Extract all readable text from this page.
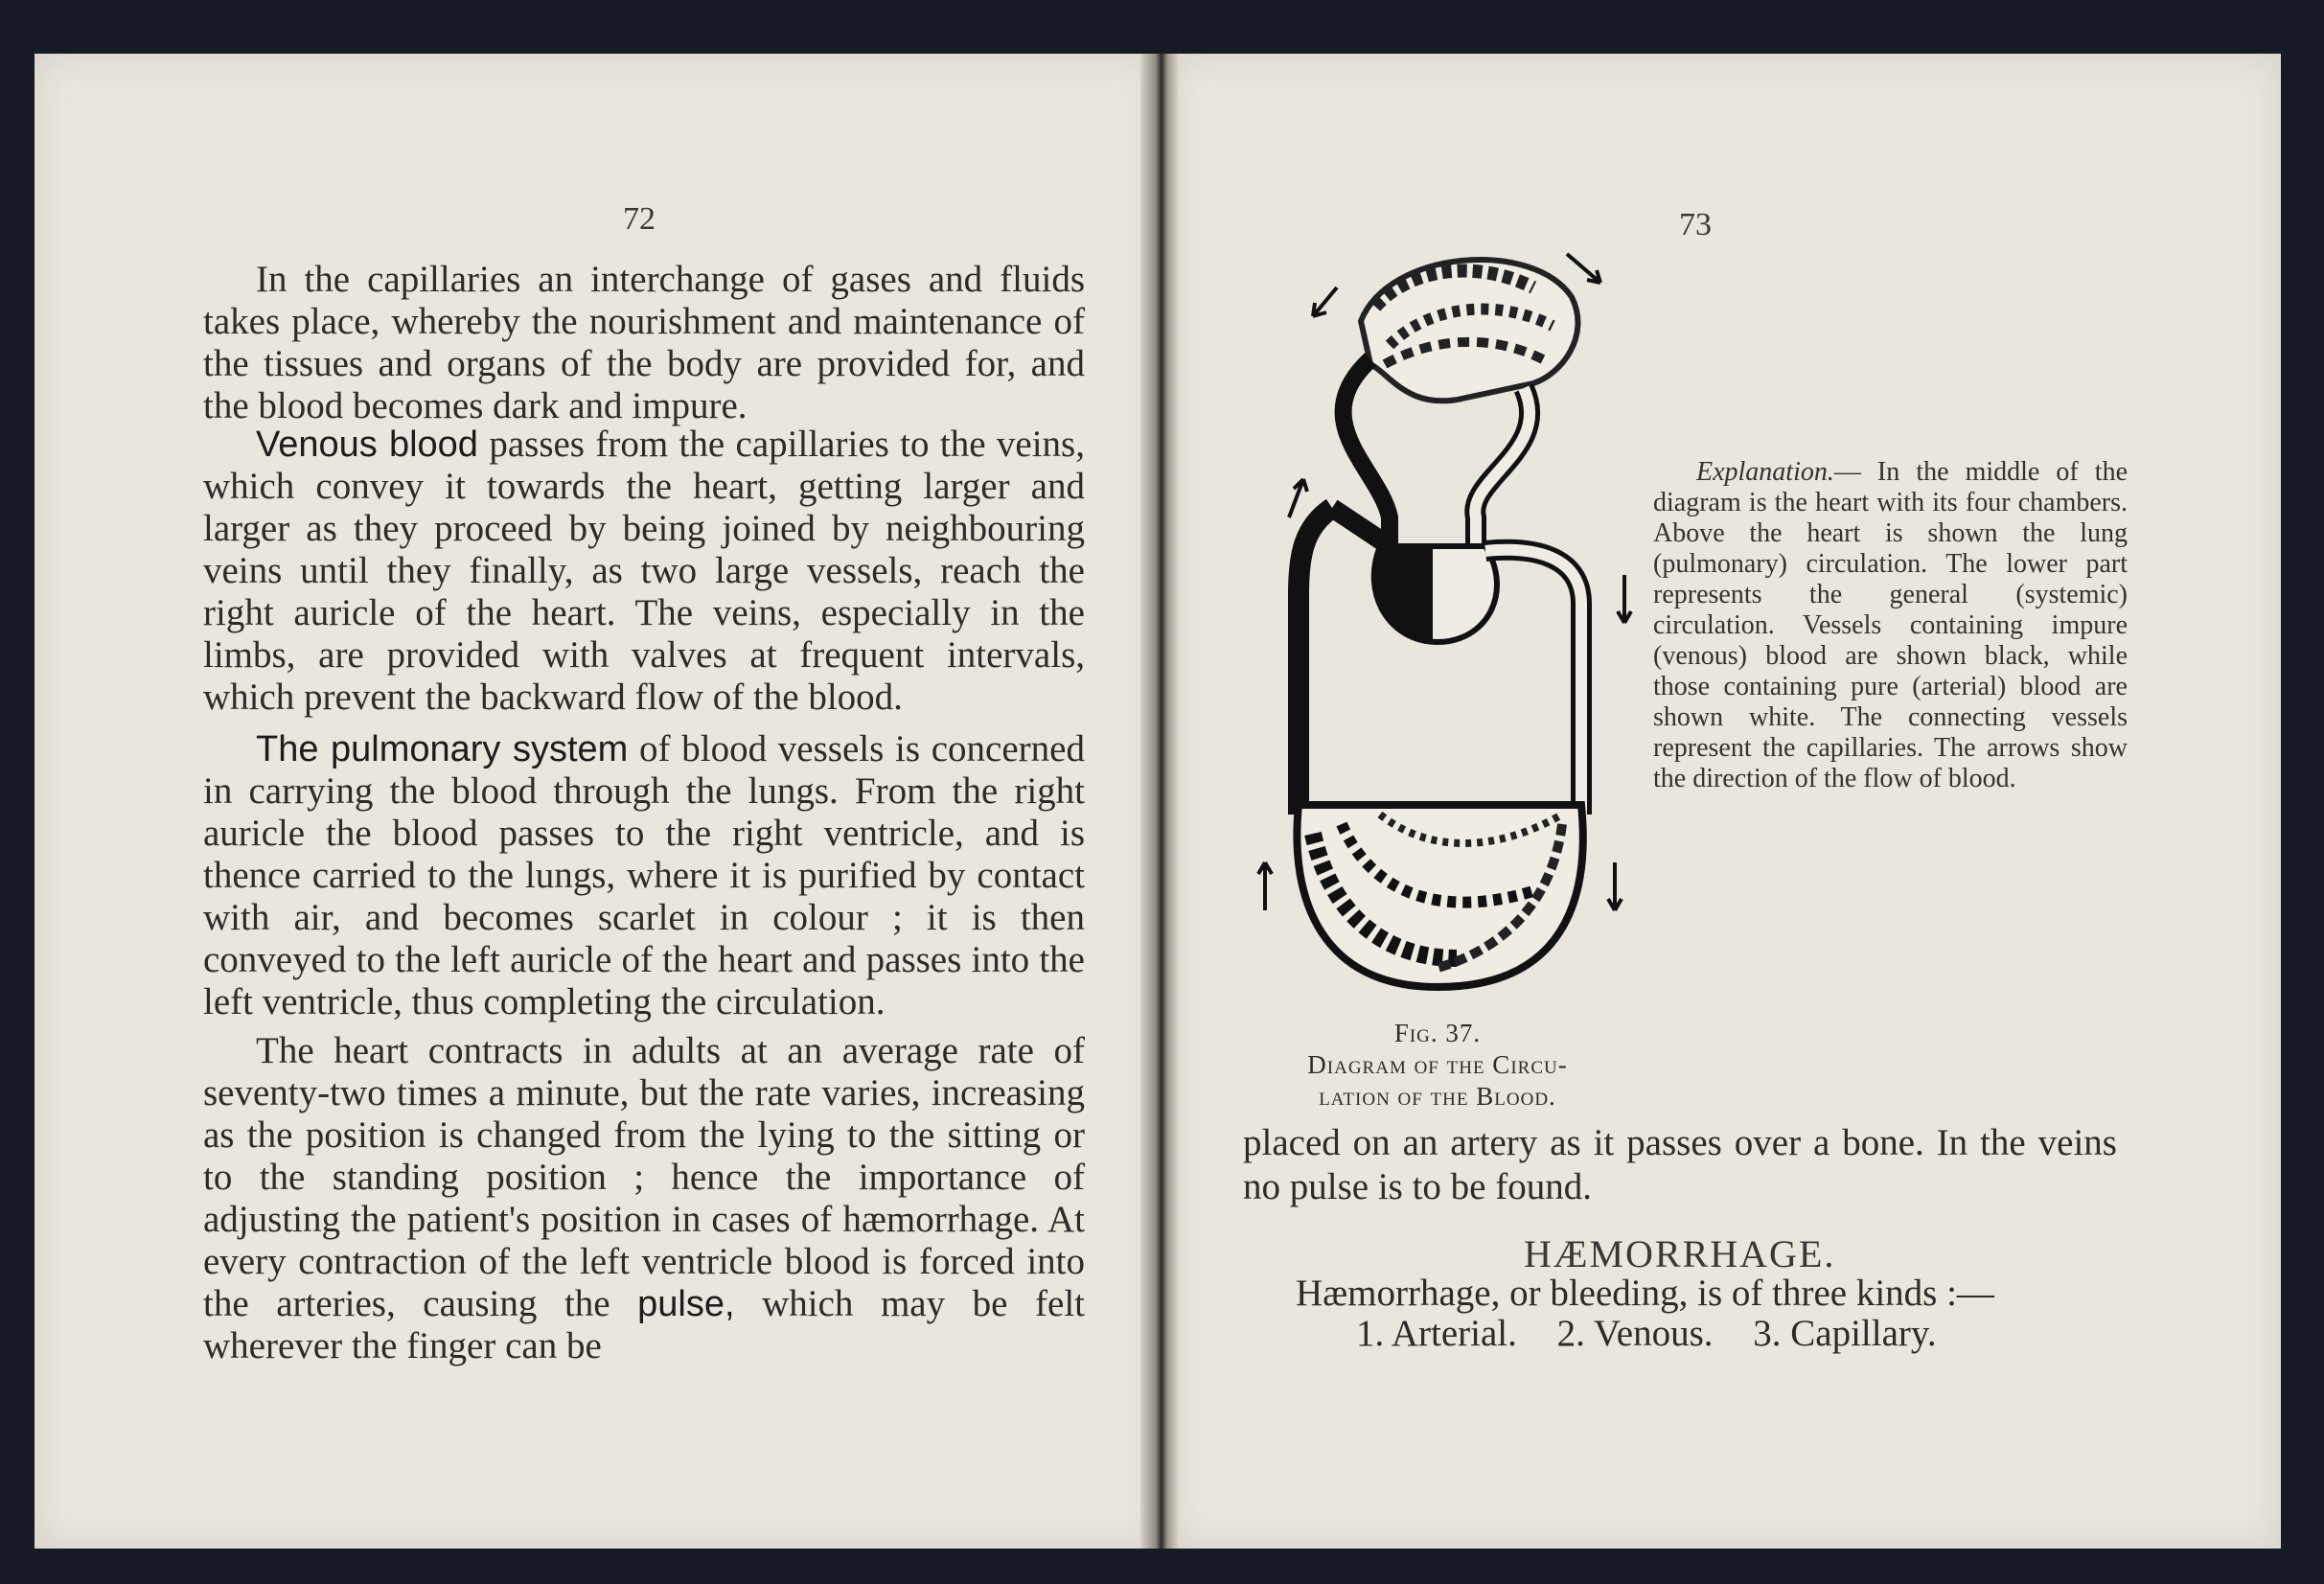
72
In the capillaries an interchange of gases and fluids takes place, whereby the nourishment and maintenance of the tissues and organs of the body are provided for, and the blood becomes dark and impure.
Venous blood passes from the capillaries to the veins, which convey it towards the heart, getting larger and larger as they proceed by being joined by neighbouring veins until they finally, as two large vessels, reach the right auricle of the heart. The veins, especially in the limbs, are provided with valves at frequent intervals, which prevent the backward flow of the blood.
The pulmonary system of blood vessels is concerned in carrying the blood through the lungs. From the right auricle the blood passes to the right ventricle, and is thence carried to the lungs, where it is purified by contact with air, and becomes scarlet in colour ; it is then conveyed to the left auricle of the heart and passes into the left ventricle, thus completing the circulation.
The heart contracts in adults at an average rate of seventy-two times a minute, but the rate varies, increasing as the position is changed from the lying to the sitting or to the standing position ; hence the importance of adjusting the patient's position in cases of hæmorrhage. At every contraction of the left ventricle blood is forced into the arteries, causing the pulse, which may be felt wherever the finger can be
73
Explanation.— In the middle of the diagram is the heart with its four chambers. Above the heart is shown the lung (pulmonary) circulation. The lower part represents the general (systemic) circulation. Vessels containing impure (venous) blood are shown black, while those containing pure (arterial) blood are shown white. The connecting vessels represent the capillaries. The arrows show the direction of the flow of blood.
Fig. 37.
Diagram of the Circu-
lation of the Blood.
placed on an artery as it passes over a bone. In the veins no pulse is to be found.
HÆMORRHAGE.
Hæmorrhage, or bleeding, is of three kinds :—
1. Arterial. 2. Venous. 3. Capillary.
